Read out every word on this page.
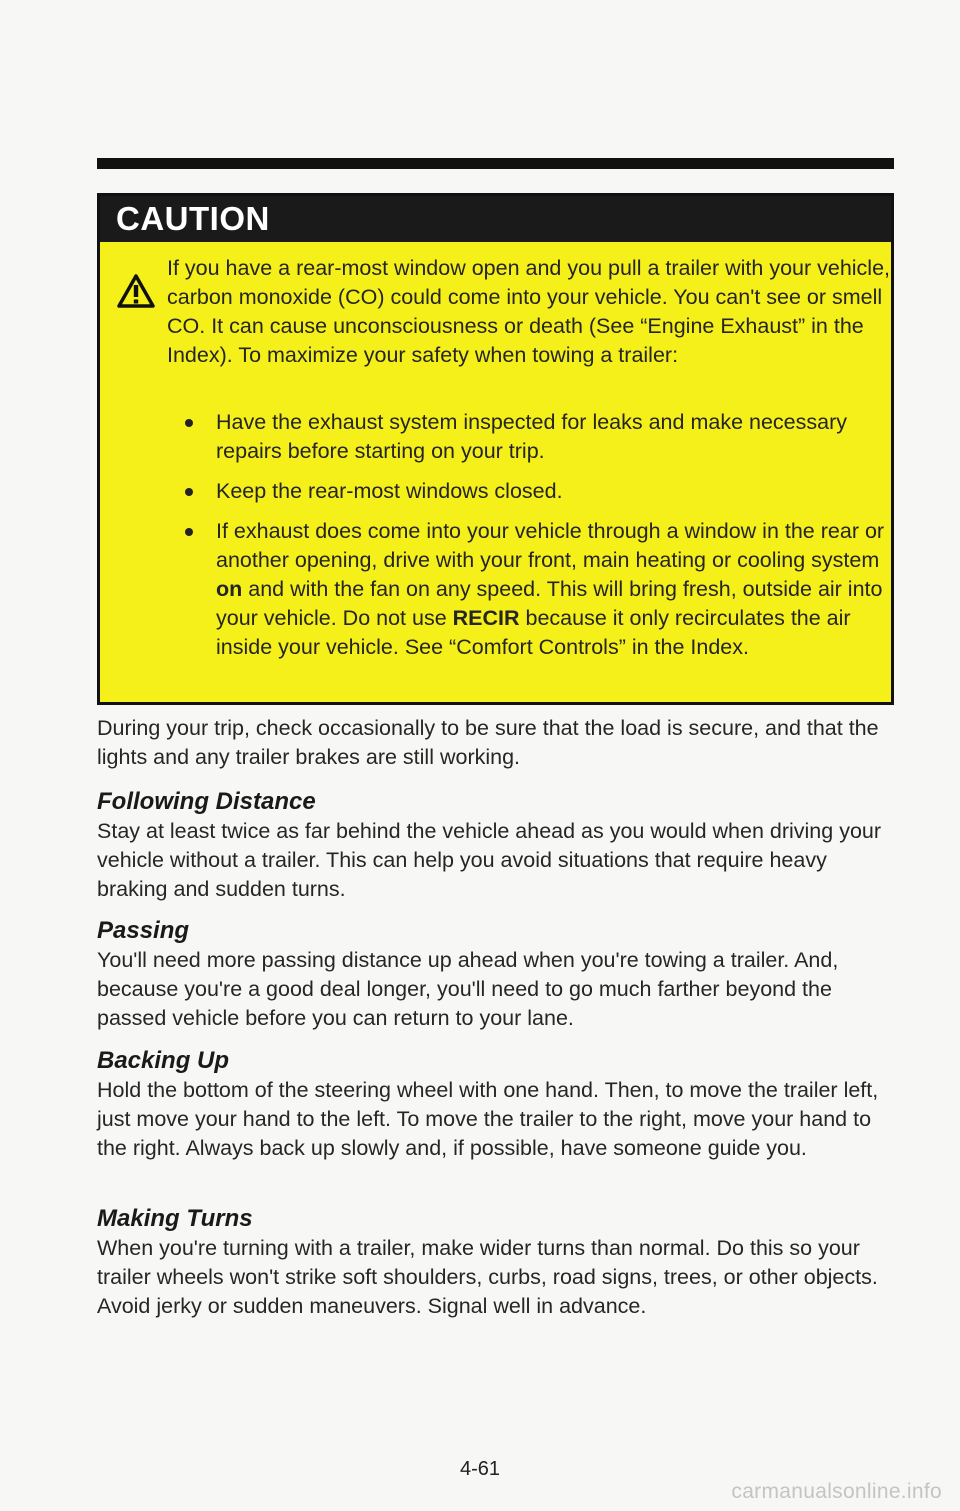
CAUTION
If you have a rear-most window open and you pull a trailer with your vehicle, carbon monoxide (CO) could come into your vehicle. You can't see or smell CO. It can cause unconsciousness or death (See “Engine Exhaust” in the Index). To maximize your safety when towing a trailer:
Have the exhaust system inspected for leaks and make necessary repairs before starting on your trip.
Keep the rear-most windows closed.
If exhaust does come into your vehicle through a window in the rear or another opening, drive with your front, main heating or cooling system on and with the fan on any speed. This will bring fresh, outside air into your vehicle. Do not use RECIR because it only recirculates the air inside your vehicle. See “Comfort Controls” in the Index.

During your trip, check occasionally to be sure that the load is secure, and that the lights and any trailer brakes are still working.

Following Distance

Stay at least twice as far behind the vehicle ahead as you would when driving your vehicle without a trailer. This can help you avoid situations that require heavy braking and sudden turns.

Passing

You'll need more passing distance up ahead when you're towing a trailer. And, because you're a good deal longer, you'll need to go much farther beyond the passed vehicle before you can return to your lane.

Backing Up

Hold the bottom of the steering wheel with one hand. Then, to move the trailer left, just move your hand to the left. To move the trailer to the right, move your hand to the right. Always back up slowly and, if possible, have someone guide you.

Making Turns

When you're turning with a trailer, make wider turns than normal. Do this so your trailer wheels won't strike soft shoulders, curbs, road signs, trees, or other objects. Avoid jerky or sudden maneuvers. Signal well in advance.

4-61
carmanualsonline.info
